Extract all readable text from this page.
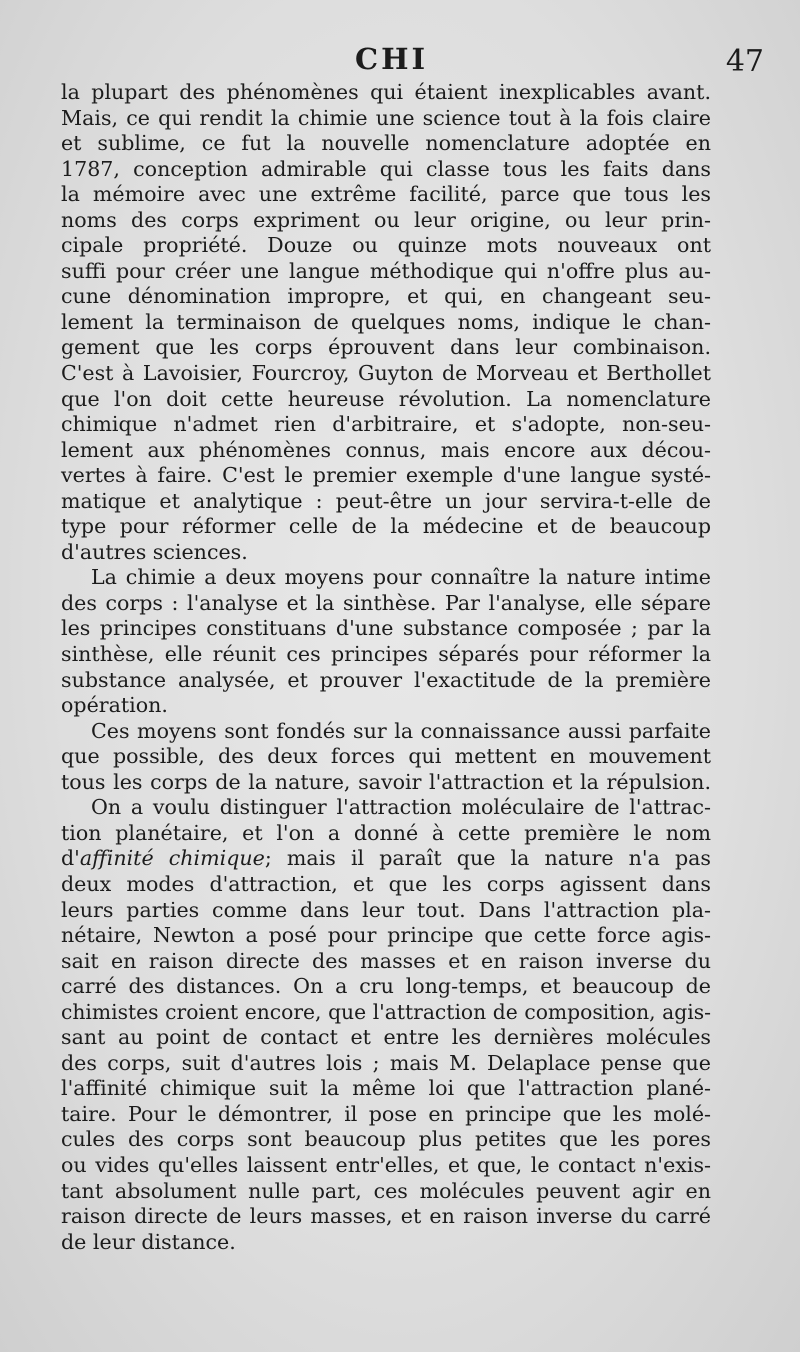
CHI	47
la plupart des phénomènes qui étaient inexplicables avant.
Mais, ce qui rendit la chimie une science tout à la fois claire
et sublime, ce fut la nouvelle nomenclature adoptée en
1787, conception admirable qui classe tous les faits dans
la mémoire avec une extrême facilité, parce que tous les
noms des corps expriment ou leur origine, ou leur prin-
cipale propriété. Douze ou quinze mots nouveaux ont
suffi pour créer une langue méthodique qui n'offre plus au-
cune dénomination impropre, et qui, en changeant seu-
lement la terminaison de quelques noms, indique le chan-
gement que les corps éprouvent dans leur combinaison.
C'est à Lavoisier, Fourcroy, Guyton de Morveau et Berthollet
que l'on doit cette heureuse révolution. La nomenclature
chimique n'admet rien d'arbitraire, et s'adopte, non-seu-
lement aux phénomènes connus, mais encore aux décou-
vertes à faire. C'est le premier exemple d'une langue systé-
matique et analytique : peut-être un jour servira-t-elle de
type pour réformer celle de la médecine et de beaucoup
d'autres sciences.
La chimie a deux moyens pour connaître la nature intime
des corps : l'analyse et la sinthèse. Par l'analyse, elle sépare
les principes constituans d'une substance composée ; par la
sinthèse, elle réunit ces principes séparés pour réformer la
substance analysée, et prouver l'exactitude de la première
opération.
Ces moyens sont fondés sur la connaissance aussi parfaite
que possible, des deux forces qui mettent en mouvement
tous les corps de la nature, savoir l'attraction et la répulsion.
On a voulu distinguer l'attraction moléculaire de l'attrac-
tion planétaire, et l'on a donné à cette première le nom
d'affinité chimique; mais il paraît que la nature n'a pas
deux modes d'attraction, et que les corps agissent dans
leurs parties comme dans leur tout. Dans l'attraction pla-
nétaire, Newton a posé pour principe que cette force agis-
sait en raison directe des masses et en raison inverse du
carré des distances. On a cru long-temps, et beaucoup de
chimistes croient encore, que l'attraction de composition, agis-
sant au point de contact et entre les dernières molécules
des corps, suit d'autres lois ; mais M. Delaplace pense que
l'affinité chimique suit la même loi que l'attraction plané-
taire. Pour le démontrer, il pose en principe que les molé-
cules des corps sont beaucoup plus petites que les pores
ou vides qu'elles laissent entr'elles, et que, le contact n'exis-
tant absolument nulle part, ces molécules peuvent agir en
raison directe de leurs masses, et en raison inverse du carré
de leur distance.
